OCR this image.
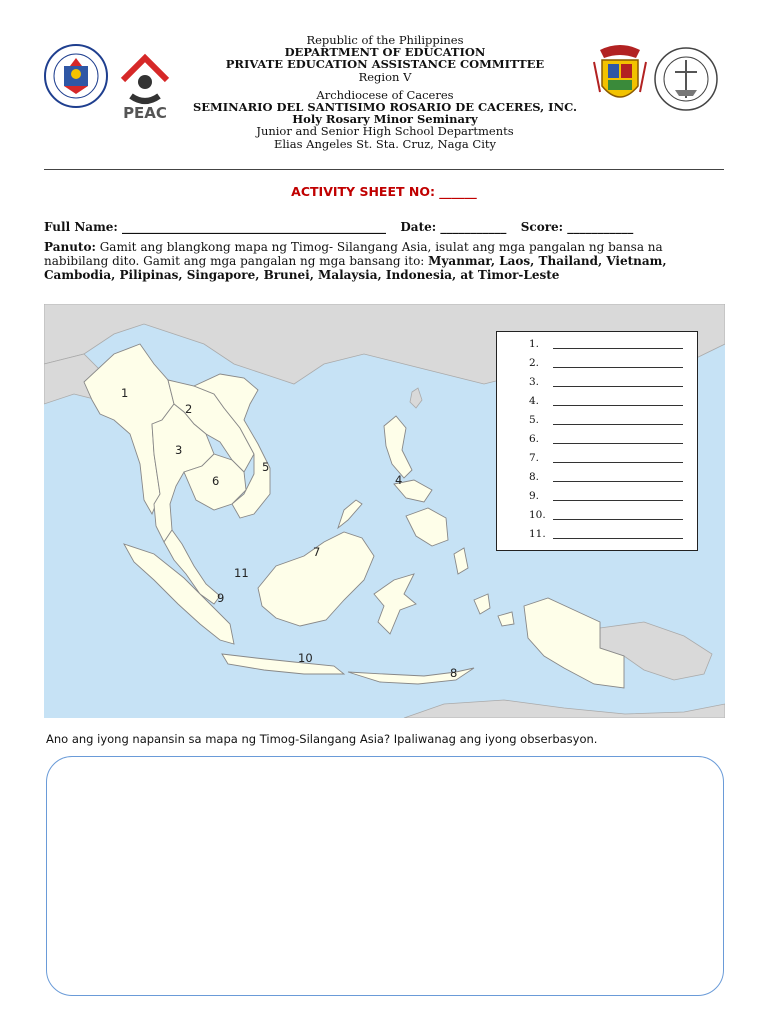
PEAC
Republic of the Philippines
DEPARTMENT OF EDUCATION
PRIVATE EDUCATION ASSISTANCE COMMITTEE
Region V
Archdiocese of Caceres
SEMINARIO DEL SANTISIMO ROSARIO DE CACERES, INC.
Holy Rosary Minor Seminary
Junior and Senior High School Departments
Elias Angeles St. Sta. Cruz, Naga City
ACTIVITY SHEET NO: ______
Full Name: ____________________________________________ Date: ___________ Score: ___________
Panuto: Gamit ang blangkong mapa ng Timog- Silangang Asia, isulat ang mga pangalan ng bansa na nabibilang dito. Gamit ang mga pangalan ng mga bansang ito: Myanmar, Laos, Thailand, Vietnam, Cambodia, Pilipinas, Singapore, Brunei, Malaysia, Indonesia, at Timor-Leste
1
2
3
4
5
6
7
8
9
10
11
1.
2.
3.
4.
5.
6.
7.
8.
9.
10.
11.
Ano ang iyong napansin sa mapa ng Timog-Silangang Asia? Ipaliwanag ang iyong obserbasyon.
